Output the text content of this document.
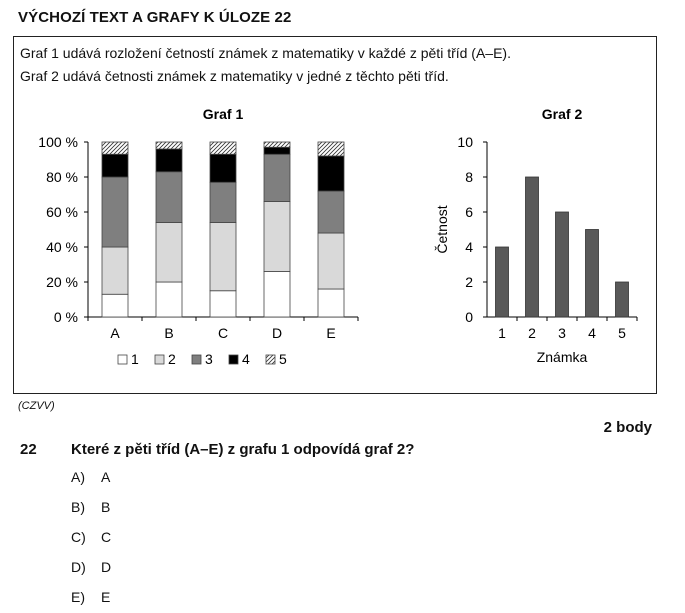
VÝCHOZÍ TEXT A GRAFY K ÚLOZE 22
Graf 1 udává rozložení četností známek z matematiky v každé z pěti tříd (A–E).
Graf 2 udává četnosti známek z matematiky v jedné z těchto pěti tříd.
Graf 1
0 %
20 %
40 %
60 %
80 %
100 %
A	B	C	D	E
1 2 3 4 5
Graf 2
0
2
4
6
8
10
1 2 3 4 5
Známka
Četnost
(CZVV)
2 body
22 Které z pěti tříd (A–E) z grafu 1 odpovídá graf 2?
A) A
B) B
C) C
D) D
E) E
